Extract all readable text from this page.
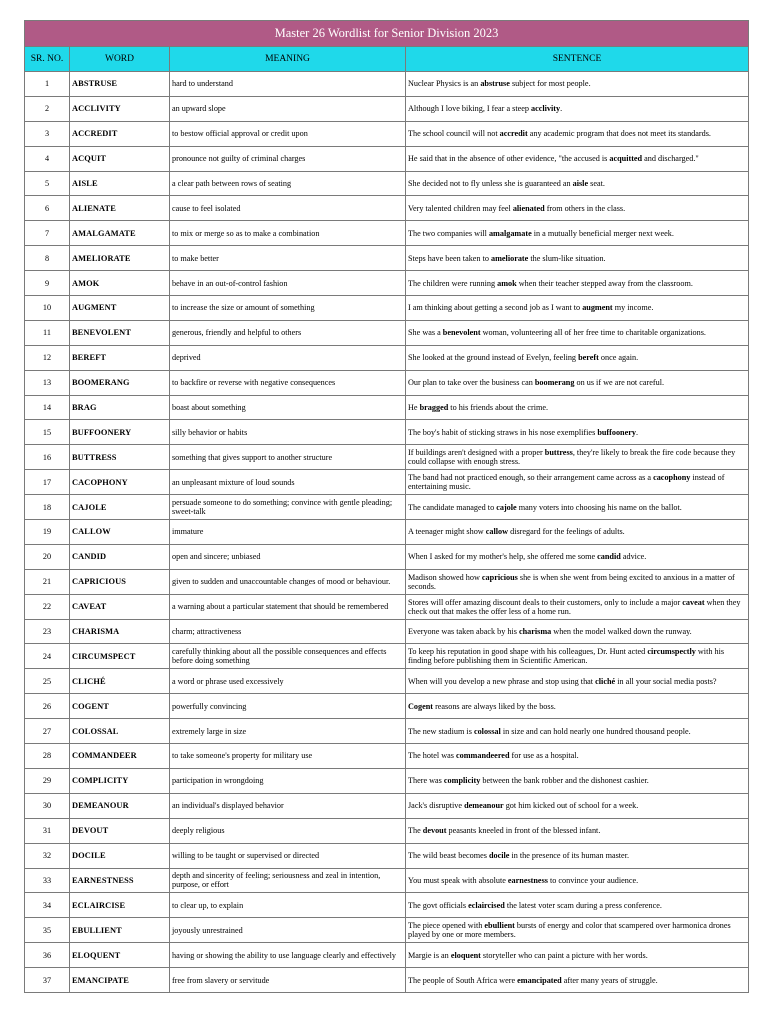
Master 26 Wordlist for Senior Division 2023			
SR. NO.	WORD	MEANING	SENTENCE
1	ABSTRUSE	hard to understand	Nuclear Physics is an abstruse subject for most people.
2	ACCLIVITY	an upward slope	Although I love biking, I fear a steep acclivity.
3	ACCREDIT	to bestow official approval or credit upon	The school council will not accredit any academic program that does not meet its standards.
4	ACQUIT	pronounce not guilty of criminal charges	He said that in the absence of other evidence, "the accused is acquitted and discharged."
5	AISLE	a clear path between rows of seating	She decided not to fly unless she is guaranteed an aisle seat.
6	ALIENATE	cause to feel isolated	Very talented children may feel alienated from others in the class.
7	AMALGAMATE	to mix or merge so as to make a combination	The two companies will amalgamate in a mutually beneficial merger next week.
8	AMELIORATE	to make better	Steps have been taken to ameliorate the slum-like situation.
9	AMOK	behave in an out-of-control fashion	The children were running amok when their teacher stepped away from the classroom.
10	AUGMENT	to increase the size or amount of something	I am thinking about getting a second job as I want to augment my income.
11	BENEVOLENT	generous, friendly and helpful to others	She was a benevolent woman, volunteering all of her free time to charitable organizations.
12	BEREFT	deprived	She looked at the ground instead of Evelyn, feeling bereft once again.
13	BOOMERANG	to backfire or reverse with negative consequences	Our plan to take over the business can boomerang on us if we are not careful.
14	BRAG	boast about something	He bragged to his friends about the crime.
15	BUFFOONERY	silly behavior or habits	The boy's habit of sticking straws in his nose exemplifies buffoonery.
16	BUTTRESS	something that gives support to another structure	If buildings aren't designed with a proper buttress, they're likely to break the fire code because they could collapse with enough stress.
17	CACOPHONY	an unpleasant mixture of loud sounds	The band had not practiced enough, so their arrangement came across as a cacophony instead of entertaining music.
18	CAJOLE	persuade someone to do something; convince with gentle pleading; sweet-talk	The candidate managed to cajole many voters into choosing his name on the ballot.
19	CALLOW	immature	A teenager might show callow disregard for the feelings of adults.
20	CANDID	open and sincere; unbiased	When I asked for my mother's help, she offered me some candid advice.
21	CAPRICIOUS	given to sudden and unaccountable changes of mood or behaviour.	Madison showed how capricious she is when she went from being excited to anxious in a matter of seconds.
22	CAVEAT	a warning about a particular statement that should be remembered	Stores will offer amazing discount deals to their customers, only to include a major caveat when they check out that makes the offer less of a home run.
23	CHARISMA	charm; attractiveness	Everyone was taken aback by his charisma when the model walked down the runway.
24	CIRCUMSPECT	carefully thinking about all the possible consequences and effects before doing something	To keep his reputation in good shape with his colleagues, Dr. Hunt acted circumspectly with his finding before publishing them in Scientific American.
25	CLICHÉ	a word or phrase used excessively	When will you develop a new phrase and stop using that cliché in all your social media posts?
26	COGENT	powerfully convincing	Cogent reasons are always liked by the boss.
27	COLOSSAL	extremely large in size	The new stadium is colossal in size and can hold nearly one hundred thousand people.
28	COMMANDEER	to take someone's property for military use	The hotel was commandeered for use as a hospital.
29	COMPLICITY	participation in wrongdoing	There was complicity between the bank robber and the dishonest cashier.
30	DEMEANOUR	an individual's displayed behavior	Jack's disruptive demeanour got him kicked out of school for a week.
31	DEVOUT	deeply religious	The devout peasants kneeled in front of the blessed infant.
32	DOCILE	willing to be taught or supervised or directed	The wild beast becomes docile in the presence of its human master.
33	EARNESTNESS	depth and sincerity of feeling; seriousness and zeal in intention, purpose, or effort	You must speak with absolute earnestness to convince your audience.
34	ECLAIRCISE	to clear up, to explain	The govt officials eclaircised the latest voter scam during a press conference.
35	EBULLIENT	joyously unrestrained	The piece opened with ebullient bursts of energy and color that scampered over harmonica drones played by one or more members.
36	ELOQUENT	having or showing the ability to use language clearly and effectively	Margie is an eloquent storyteller who can paint a picture with her words.
37	EMANCIPATE	free from slavery or servitude	The people of South Africa were emancipated after many years of struggle.
